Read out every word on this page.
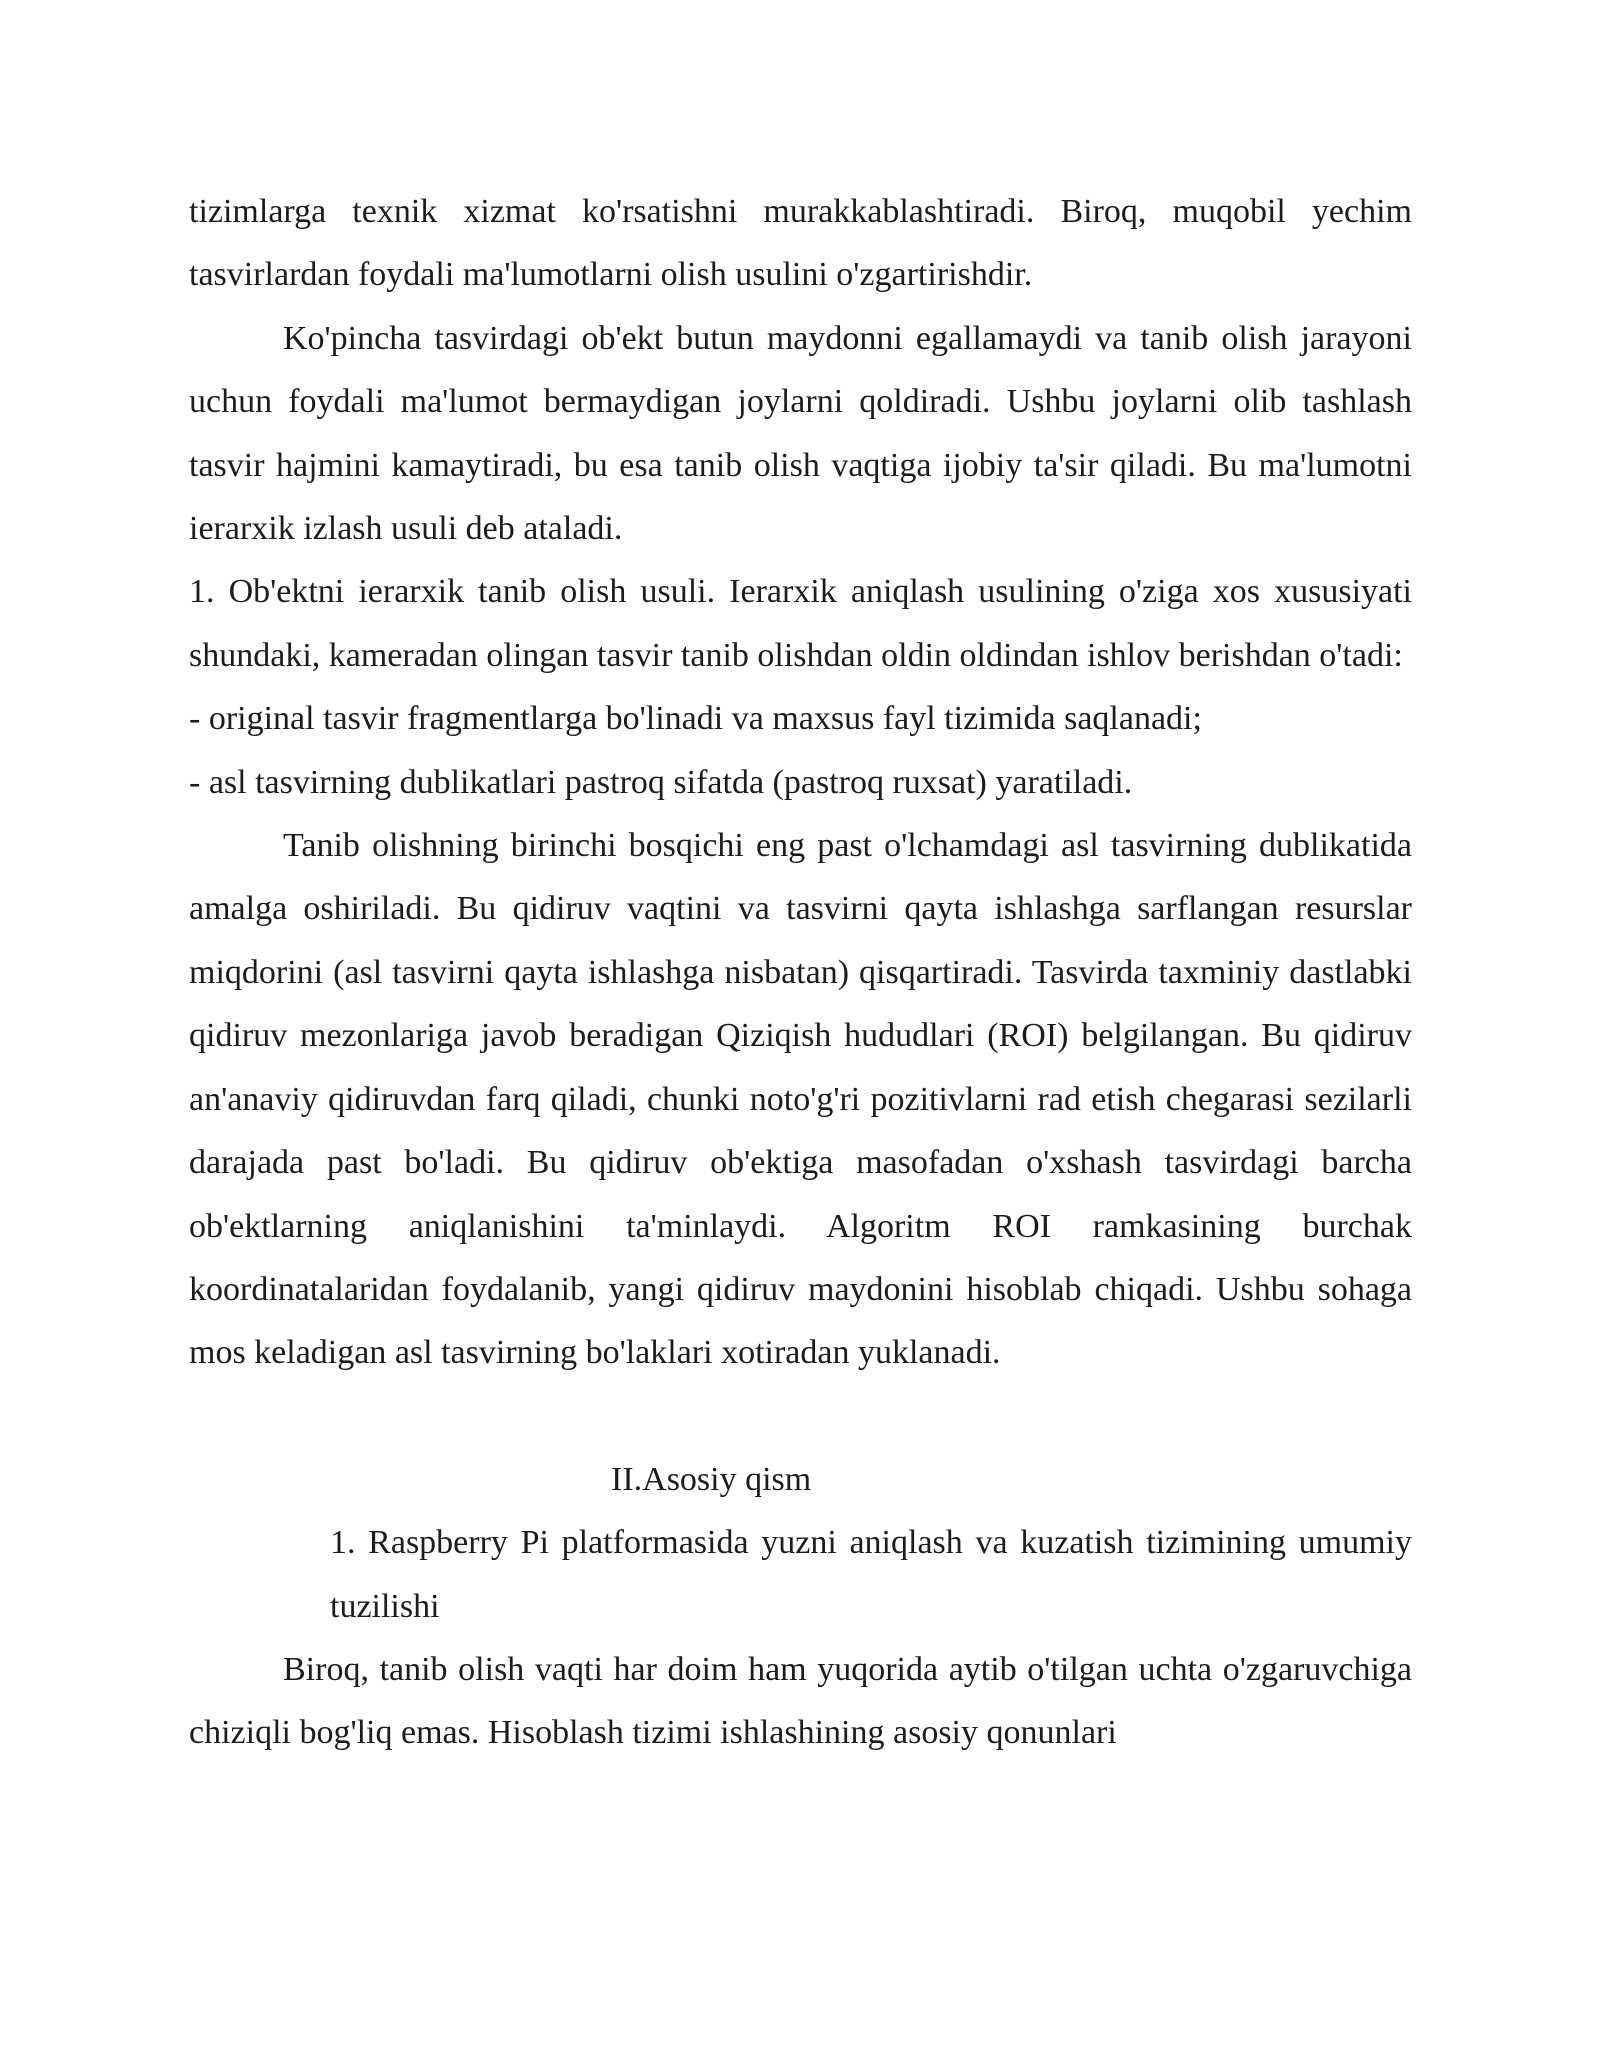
tizimlarga texnik xizmat ko'rsatishni murakkablashtiradi. Biroq, muqobil yechim tasvirlardan foydali ma'lumotlarni olish usulini o'zgartirishdir.

Ko'pincha tasvirdagi ob'ekt butun maydonni egallamaydi va tanib olish jarayoni uchun foydali ma'lumot bermaydigan joylarni qoldiradi. Ushbu joylarni olib tashlash tasvir hajmini kamaytiradi, bu esa tanib olish vaqtiga ijobiy ta'sir qiladi. Bu ma'lumotni ierarxik izlash usuli deb ataladi.

1. Ob'ektni ierarxik tanib olish usuli. Ierarxik aniqlash usulining o'ziga xos xususiyati shundaki, kameradan olingan tasvir tanib olishdan oldin oldindan ishlov berishdan o'tadi:

- original tasvir fragmentlarga bo'linadi va maxsus fayl tizimida saqlanadi;

- asl tasvirning dublikatlari pastroq sifatda (pastroq ruxsat) yaratiladi.

Tanib olishning birinchi bosqichi eng past o'lchamdagi asl tasvirning dublikatida amalga oshiriladi. Bu qidiruv vaqtini va tasvirni qayta ishlashga sarflangan resurslar miqdorini (asl tasvirni qayta ishlashga nisbatan) qisqartiradi. Tasvirda taxminiy dastlabki qidiruv mezonlariga javob beradigan Qiziqish hududlari (ROI) belgilangan. Bu qidiruv an'anaviy qidiruvdan farq qiladi, chunki noto'g'ri pozitivlarni rad etish chegarasi sezilarli darajada past bo'ladi. Bu qidiruv ob'ektiga masofadan o'xshash tasvirdagi barcha ob'ektlarning aniqlanishini ta'minlaydi. Algoritm ROI ramkasining burchak koordinatalaridan foydalanib, yangi qidiruv maydonini hisoblab chiqadi. Ushbu sohaga mos keladigan asl tasvirning bo'laklari xotiradan yuklanadi.

II.Asosiy qism

1. Raspberry Pi platformasida yuzni aniqlash va kuzatish tizimining umumiy tuzilishi

Biroq, tanib olish vaqti har doim ham yuqorida aytib o'tilgan uchta o'zgaruvchiga chiziqli bog'liq emas. Hisoblash tizimi ishlashining asosiy qonunlari
